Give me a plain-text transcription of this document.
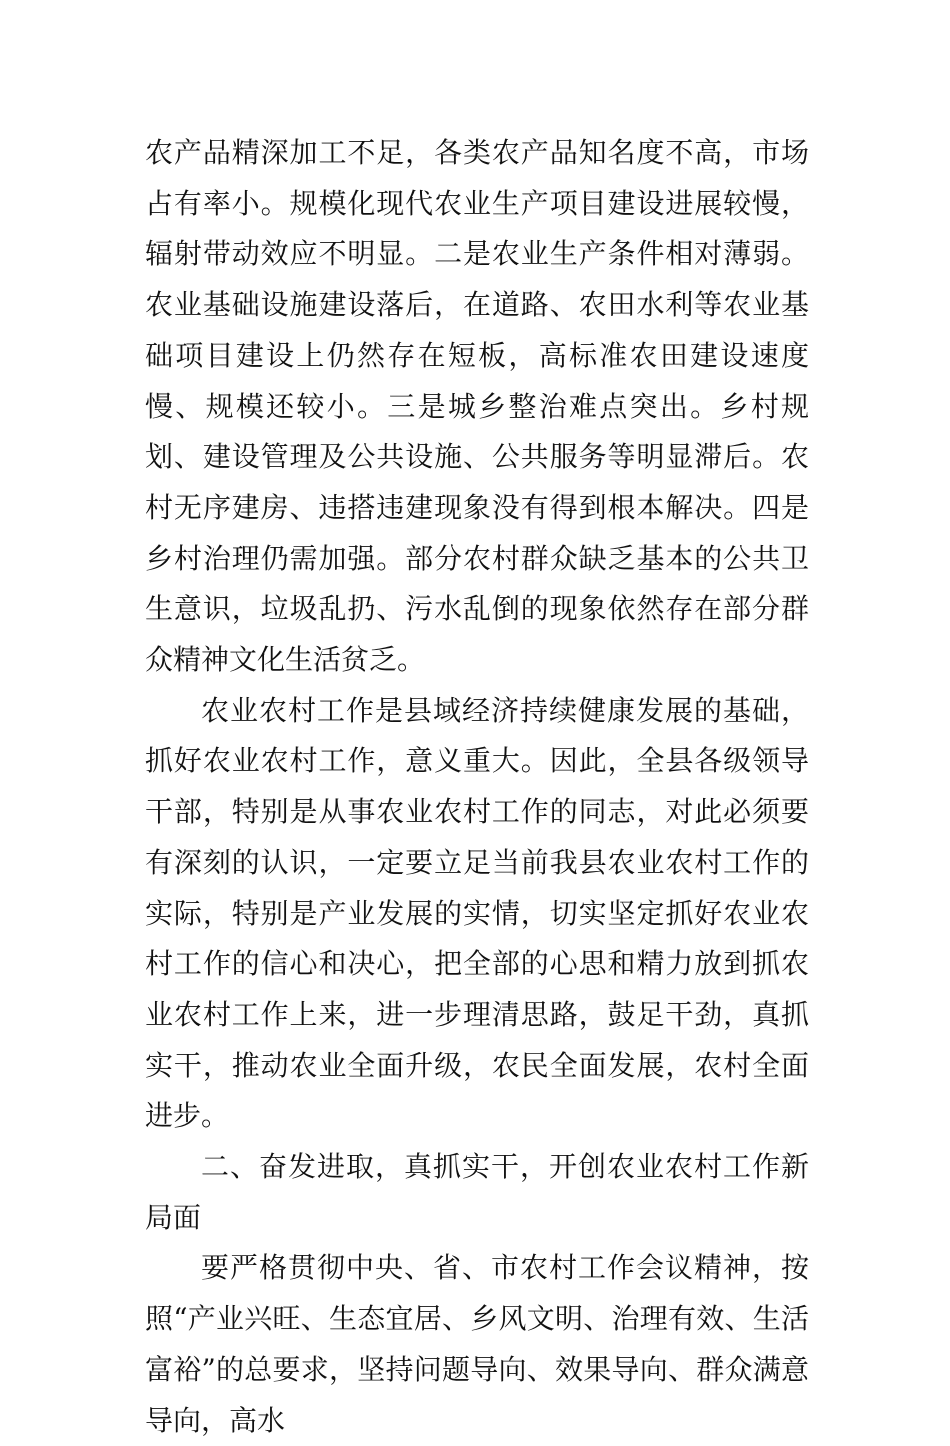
农产品精深加工不足，各类农产品知名度不高，市场占有率小。规模化现代农业生产项目建设进展较慢，辐射带动效应不明显。二是农业生产条件相对薄弱。农业基础设施建设落后，在道路、农田水利等农业基础项目建设上仍然存在短板，高标准农田建设速度慢、规模还较小。三是城乡整治难点突出。乡村规划、建设管理及公共设施、公共服务等明显滞后。农村无序建房、违搭违建现象没有得到根本解决。四是乡村治理仍需加强。部分农村群众缺乏基本的公共卫生意识，垃圾乱扔、污水乱倒的现象依然存在部分群众精神文化生活贫乏。

农业农村工作是县域经济持续健康发展的基础，抓好农业农村工作，意义重大。因此，全县各级领导干部，特别是从事农业农村工作的同志，对此必须要有深刻的认识，一定要立足当前我县农业农村工作的实际，特别是产业发展的实情，切实坚定抓好农业农村工作的信心和决心，把全部的心思和精力放到抓农业农村工作上来，进一步理清思路，鼓足干劲，真抓实干，推动农业全面升级，农民全面发展，农村全面进步。

二、奋发进取，真抓实干，开创农业农村工作新局面

要严格贯彻中央、省、市农村工作会议精神，按照“产业兴旺、生态宜居、乡风文明、治理有效、生活富裕”的总要求，坚持问题导向、效果导向、群众满意导向，高水
